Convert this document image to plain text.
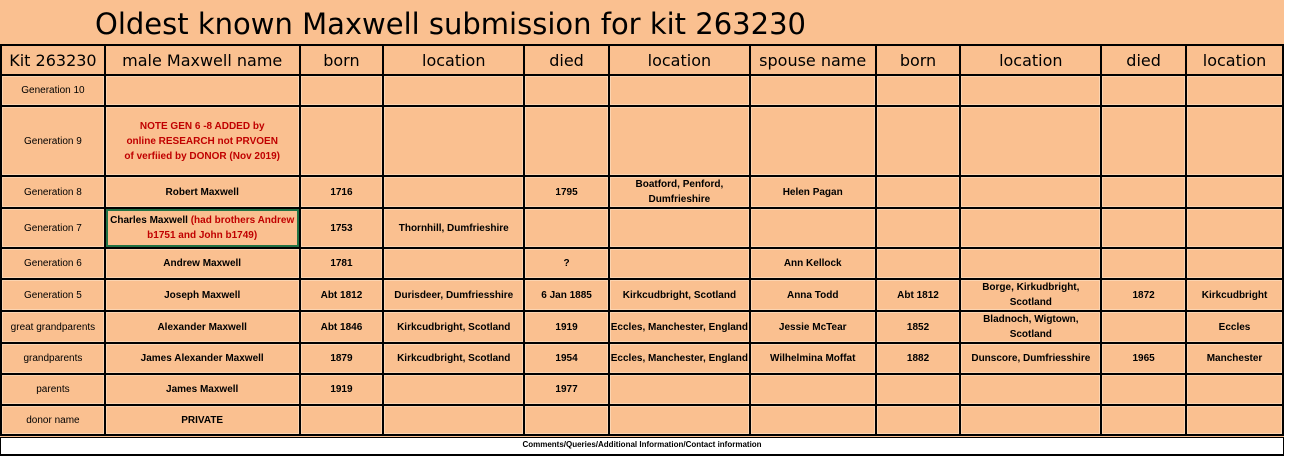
Oldest known Maxwell submission for kit 263230
Kit 263230	male Maxwell name	born	location	died	location	spouse name	born	location	died	location
Generation 10										
Generation 9	NOTE GEN 6 -8 ADDED by online RESEARCH not PRVOEN of verfiied by DONOR (Nov 2019)									
Generation 8	Robert Maxwell	1716		1795	Boatford, Penford, Dumfrieshire	Helen Pagan				
Generation 7	Charles Maxwell (had brothers Andrew b1751 and John b1749)	1753	Thornhill, Dumfrieshire							
Generation 6	Andrew Maxwell	1781		?		Ann Kellock				
Generation 5	Joseph Maxwell	Abt 1812	Durisdeer, Dumfriesshire	6 Jan 1885	Kirkcudbright, Scotland	Anna Todd	Abt 1812	Borge, Kirkudbright, Scotland	1872	Kirkcudbright
great grandparents	Alexander Maxwell	Abt 1846	Kirkcudbright, Scotland	1919	Eccles, Manchester, England	Jessie McTear	1852	Bladnoch, Wigtown, Scotland		Eccles
grandparents	James Alexander Maxwell	1879	Kirkcudbright, Scotland	1954	Eccles, Manchester, England	Wilhelmina Moffat	1882	Dunscore, Dumfriesshire	1965	Manchester
parents	James Maxwell	1919		1977						
donor name	PRIVATE									
Comments/Queries/Additional Information/Contact information
